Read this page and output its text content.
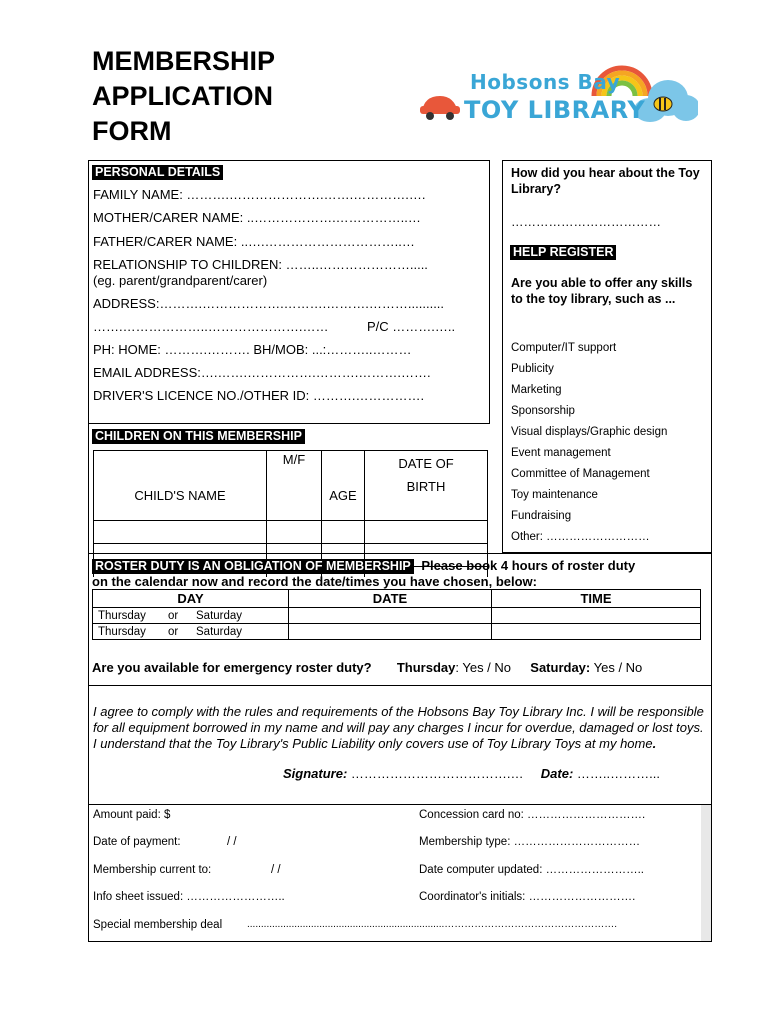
MEMBERSHIP
APPLICATION
FORM
Hobsons Bay
TOY LIBRARY
PERSONAL DETAILS
FAMILY NAME: ……….………………….…….………….….
MOTHER/CARER NAME: ..……………….……………..…
FATHER/CARER NAME: ..….…………………………..…
RELATIONSHIP TO CHILDREN: ……..………………….....
(eg. parent/grandparent/carer)
ADDRESS:……….……………….……….……….………..........
…….………………..………………….……	P/C ……….…..
PH: HOME: ……….………. BH/MOB: ...:………..………
EMAIL ADDRESS:….…….…………….……….……….…….
DRIVER'S LICENCE NO./OTHER ID: ……….…………….
How did you hear about the Toy Library?
………………………………
HELP REGISTER
Are you able to offer any skills to the toy library, such as ...
Computer/IT support
Publicity
Marketing
Sponsorship
Visual displays/Graphic design
Event management
Committee of Management
Toy maintenance
Fundraising
Other: ………………………
CHILDREN ON THIS MEMBERSHIP
CHILD'S NAME	M/F	AGE	DATE OF
BIRTH

ROSTER DUTY IS AN OBLIGATION OF MEMBERSHIP Please book 4 hours of roster duty
on the calendar now and record the date/times you have chosen, below:
DAY	DATE	TIME
Thursday or Saturday		
Thursday or Saturday		
Are you available for emergency roster duty? Thursday: Yes / No Saturday: Yes / No
I agree to comply with the rules and requirements of the Hobsons Bay Toy Library Inc. I will be responsible for all equipment borrowed in my name and will pay any charges I incur for overdue, damaged or lost toys. I understand that the Toy Library's Public Liability only covers use of Toy Library Toys at my home.
Signature: ……………………………….… Date: ……..………...
Amount paid: $	Concession card no: ………………………….
Date of payment:	/ /	Membership type: ……………………………
Membership current to:	/ /	Date computer updated: ……………………..
Info sheet issued: ……………………..	Coordinator's initials: ……………………….
Special membership deal .......................................................................…………………………………………….
